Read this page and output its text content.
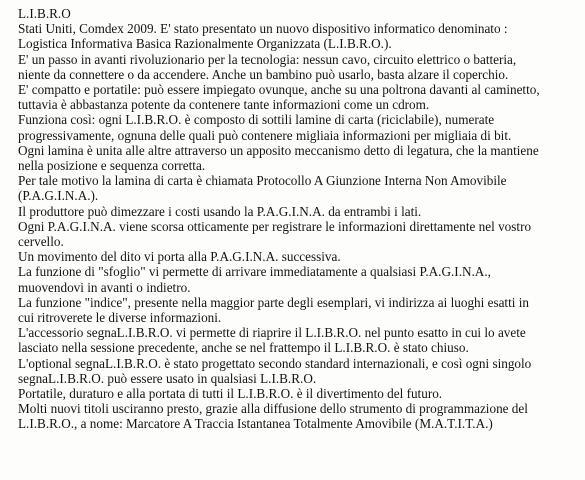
L.I.B.R.O
Stati Uniti, Comdex 2009. E' stato presentato un nuovo dispositivo informatico denominato :
Logistica Informativa Basica Razionalmente Organizzata (L.I.B.R.O.).
E' un passo in avanti rivoluzionario per la tecnologia: nessun cavo, circuito elettrico o batteria,
niente da connettere o da accendere. Anche un bambino può usarlo, basta alzare il coperchio.
E' compatto e portatile: può essere impiegato ovunque, anche su una poltrona davanti al caminetto,
tuttavia è abbastanza potente da contenere tante informazioni come un cdrom.
Funziona così: ogni L.I.B.R.O. è composto di sottili lamine di carta (riciclabile), numerate
progressivamente, ognuna delle quali può contenere migliaia informazioni per migliaia di bit.
Ogni lamina è unita alle altre attraverso un apposito meccanismo detto di legatura, che la mantiene
nella posizione e sequenza corretta.
Per tale motivo la lamina di carta è chiamata Protocollo A Giunzione Interna Non Amovibile
(P.A.G.I.N.A.).
Il produttore può dimezzare i costi usando la P.A.G.I.N.A. da entrambi i lati.
Ogni P.A.G.I.N.A. viene scorsa otticamente per registrare le informazioni direttamente nel vostro
cervello.
Un movimento del dito vi porta alla P.A.G.I.N.A. successiva.
La funzione di "sfoglio" vi permette di arrivare immediatamente a qualsiasi P.A.G.I.N.A.,
muovendovi in avanti o indietro.
La funzione "indice", presente nella maggior parte degli esemplari, vi indirizza ai luoghi esatti in
cui ritroverete le diverse informazioni.
L'accessorio segnaL.I.B.R.O. vi permette di riaprire il L.I.B.R.O. nel punto esatto in cui lo avete
lasciato nella sessione precedente, anche se nel frattempo il L.I.B.R.O. è stato chiuso.
L'optional segnaL.I.B.R.O. è stato progettato secondo standard internazionali, e così ogni singolo
segnaL.I.B.R.O. può essere usato in qualsiasi L.I.B.R.O.
Portatile, duraturo e alla portata di tutti il L.I.B.R.O. è il divertimento del futuro.
Molti nuovi titoli usciranno presto, grazie alla diffusione dello strumento di programmazione del
L.I.B.R.O., a nome: Marcatore A Traccia Istantanea Totalmente Amovibile (M.A.T.I.T.A.)
